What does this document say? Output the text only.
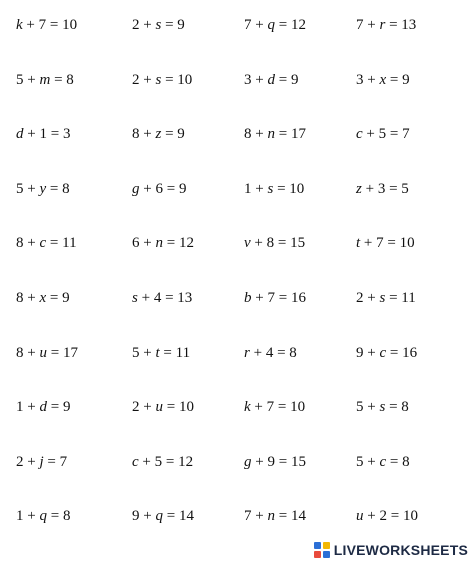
k + 7 = 10	2 + s = 9	7 + q = 12	7 + r = 13
5 + m = 8	2 + s = 10	3 + d = 9	3 + x = 9
d + 1 = 3	8 + z = 9	8 + n = 17	c + 5 = 7
5 + y = 8	g + 6 = 9	1 + s = 10	z + 3 = 5
8 + c = 11	6 + n = 12	v + 8 = 15	t + 7 = 10
8 + x = 9	s + 4 = 13	b + 7 = 16	2 + s = 11
8 + u = 17	5 + t = 11	r + 4 = 8	9 + c = 16
1 + d = 9	2 + u = 10	k + 7 = 10	5 + s = 8
2 + j = 7	c + 5 = 12	g + 9 = 15	5 + c = 8
1 + q = 8	9 + q = 14	7 + n = 14	u + 2 = 10
LIVEWORKSHEETS
